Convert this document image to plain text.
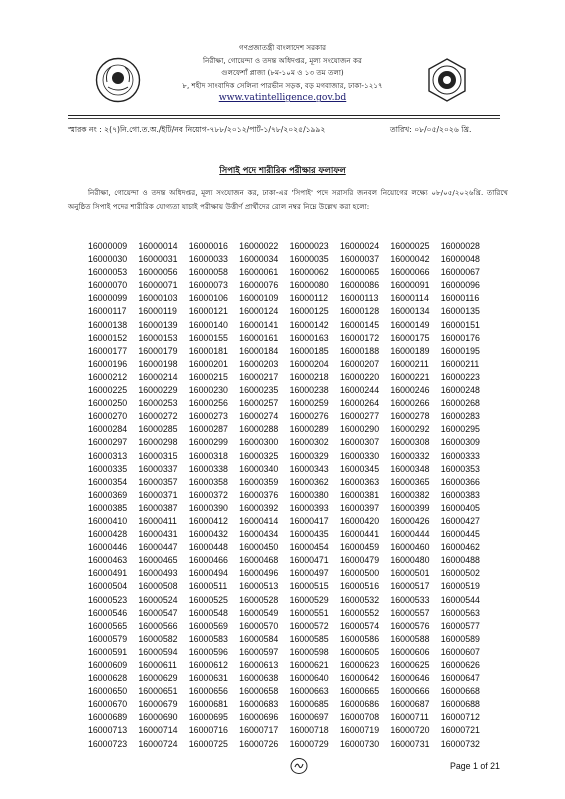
গণপ্রজাতন্ত্রী বাংলাদেশ সরকার
নিরীক্ষা, গোয়েন্দা ও তদন্ত অধিদপ্তর, মূল্য সংযোজন কর
গুলফেশাঁ প্লাজা (৮ম-১০ম ও ১৩ তম তলা)
৮, শহীদ সাংবাদিক সেলিনা পারভীন সড়ক, বড় মগবাজার, ঢাকা-১২১৭
www.vatintelligence.gov.bd
স্মারক নং : ২(৭)নি.গো.ত.অ./ইটি/নব নিয়োগ-৭৮৮/২০১২/পার্ট-১/৭৮/২০২৫/১৯৯২	তারিখ: ০৮/০৫/২০২৬ খ্রি.
সিপাই পদে শারীরিক পরীক্ষার ফলাফল
নিরীক্ষা, গোয়েন্দা ও তদন্ত অধিদপ্তর, মূল্য সংযোজন কর, ঢাকা-এর 'সিপাই' পদে সরাসরি জনবল নিয়োগের লক্ষ্যে ০৮/০৫/২০২৬খ্রি. তারিখে অনুষ্ঠিত সিপাই পদের শারীরিক যোগ্যতা যাচাই পরীক্ষায় উত্তীর্ণ প্রার্থীদের রোল নম্বর নিম্নে উল্লেখ করা হলো:
16000009	16000014	16000016	16000022	16000023	16000024	16000025	16000028
16000030	16000031	16000033	16000034	16000035	16000037	16000042	16000048
16000053	16000056	16000058	16000061	16000062	16000065	16000066	16000067
16000070	16000071	16000073	16000076	16000080	16000086	16000091	16000096
16000099	16000103	16000106	16000109	16000112	16000113	16000114	16000116
16000117	16000119	16000121	16000124	16000125	16000128	16000134	16000135
16000138	16000139	16000140	16000141	16000142	16000145	16000149	16000151
16000152	16000153	16000155	16000161	16000163	16000172	16000175	16000176
16000177	16000179	16000181	16000184	16000185	16000188	16000189	16000195
16000196	16000198	16000201	16000203	16000204	16000207	16000211	16000211
16000212	16000214	16000215	16000217	16000218	16000220	16000221	16000223
16000225	16000229	16000230	16000235	16000238	16000244	16000246	16000248
16000250	16000253	16000256	16000257	16000259	16000264	16000266	16000268
16000270	16000272	16000273	16000274	16000276	16000277	16000278	16000283
16000284	16000285	16000287	16000288	16000289	16000290	16000292	16000295
16000297	16000298	16000299	16000300	16000302	16000307	16000308	16000309
16000313	16000315	16000318	16000325	16000329	16000330	16000332	16000333
16000335	16000337	16000338	16000340	16000343	16000345	16000348	16000353
16000354	16000357	16000358	16000359	16000362	16000363	16000365	16000366
16000369	16000371	16000372	16000376	16000380	16000381	16000382	16000383
16000385	16000387	16000390	16000392	16000393	16000397	16000399	16000405
16000410	16000411	16000412	16000414	16000417	16000420	16000426	16000427
16000428	16000431	16000432	16000434	16000435	16000441	16000444	16000445
16000446	16000447	16000448	16000450	16000454	16000459	16000460	16000462
16000463	16000465	16000466	16000468	16000471	16000479	16000480	16000488
16000491	16000493	16000494	16000496	16000497	16000500	16000501	16000502
16000504	16000508	16000511	16000513	16000515	16000516	16000517	16000519
16000523	16000524	16000525	16000528	16000529	16000532	16000533	16000544
16000546	16000547	16000548	16000549	16000551	16000552	16000557	16000563
16000565	16000566	16000569	16000570	16000572	16000574	16000576	16000577
16000579	16000582	16000583	16000584	16000585	16000586	16000588	16000589
16000591	16000594	16000596	16000597	16000598	16000605	16000606	16000607
16000609	16000611	16000612	16000613	16000621	16000623	16000625	16000626
16000628	16000629	16000631	16000638	16000640	16000642	16000646	16000647
16000650	16000651	16000656	16000658	16000663	16000665	16000666	16000668
16000670	16000679	16000681	16000683	16000685	16000686	16000687	16000688
16000689	16000690	16000695	16000696	16000697	16000708	16000711	16000712
16000713	16000714	16000716	16000717	16000718	16000719	16000720	16000721
16000723	16000724	16000725	16000726	16000729	16000730	16000731	16000732
Page 1 of 21
